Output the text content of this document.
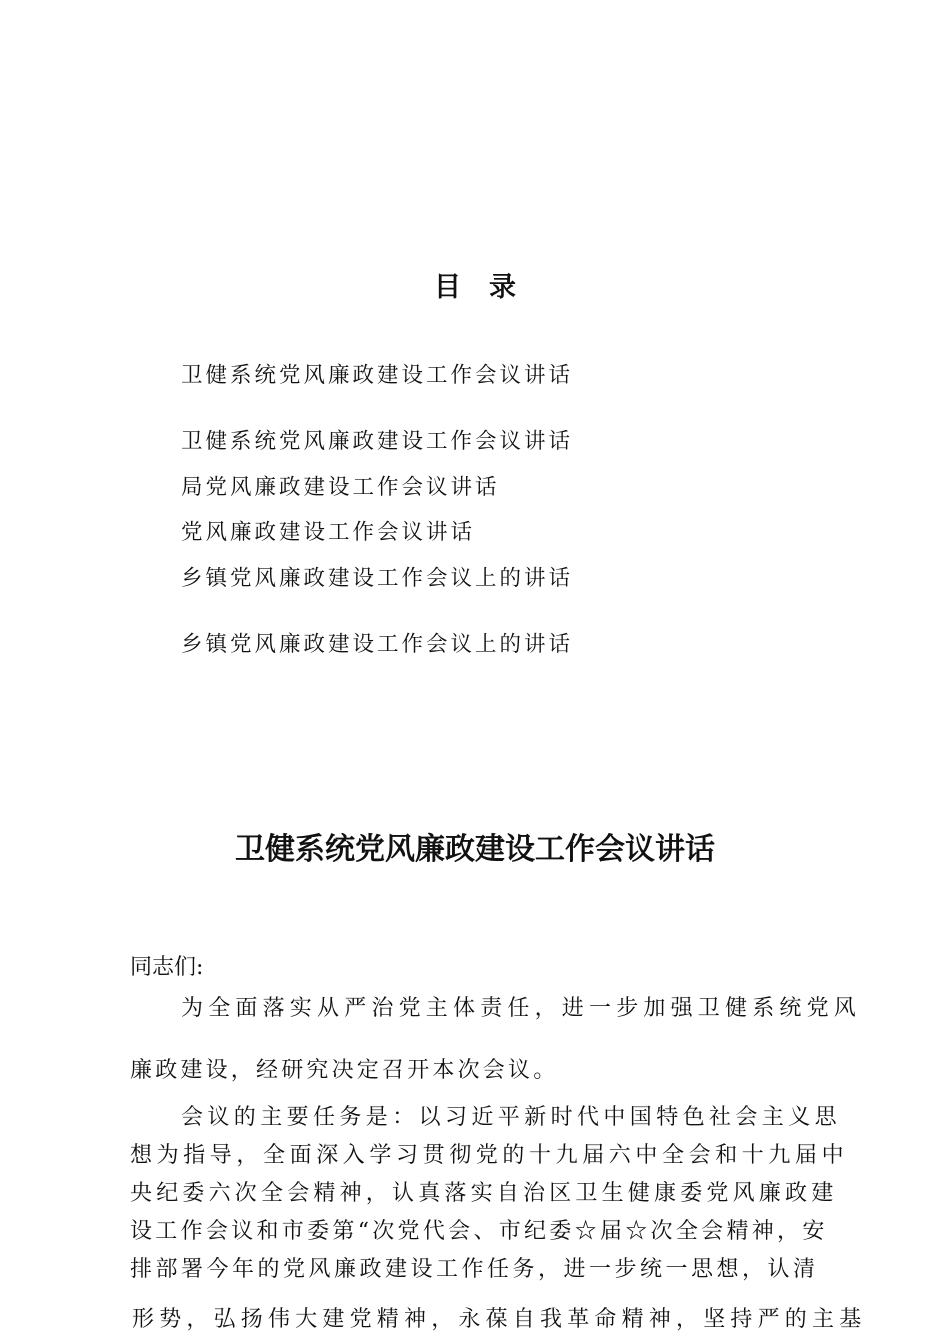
目录
卫健系统党风廉政建设工作会议讲话
卫健系统党风廉政建设工作会议讲话
局党风廉政建设工作会议讲话
党风廉政建设工作会议讲话
乡镇党风廉政建设工作会议上的讲话
乡镇党风廉政建设工作会议上的讲话
卫健系统党风廉政建设工作会议讲话
同志们:
为全面落实从严治党主体责任，进一步加强卫健系统党风
廉政建设，经研究决定召开本次会议。
会议的主要任务是：以习近平新时代中国特色社会主义思
想为指导，全面深入学习贯彻党的十九届六中全会和十九届中
央纪委六次全会精神，认真落实自治区卫生健康委党风廉政建
设工作会议和市委第“次党代会、市纪委☆届☆次全会精神，安
排部署今年的党风廉政建设工作任务，进一步统一思想，认清
形势，弘扬伟大建党精神，永葆自我革命精神，坚持严的主基
